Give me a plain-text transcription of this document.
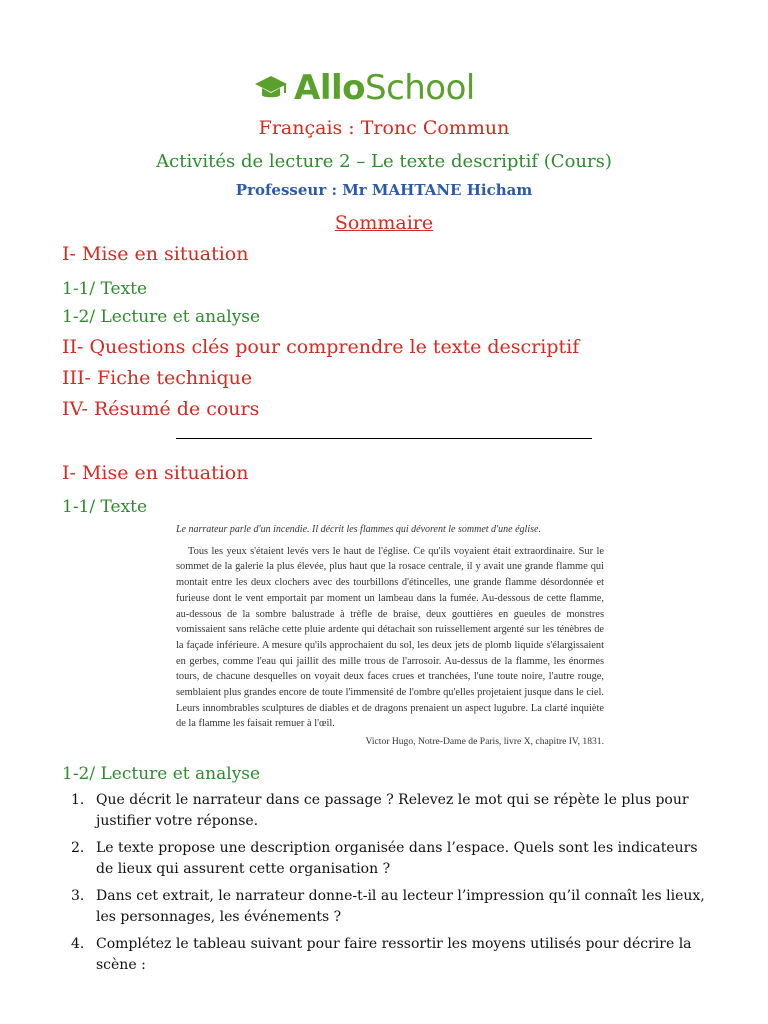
AlloSchool
Français : Tronc Commun
Activités de lecture 2 – Le texte descriptif (Cours)
Professeur : Mr MAHTANE Hicham
Sommaire
I- Mise en situation
1-1/ Texte
1-2/ Lecture et analyse
II- Questions clés pour comprendre le texte descriptif
III- Fiche technique
IV- Résumé de cours
I- Mise en situation
1-1/ Texte
Le narrateur parle d'un incendie. Il décrit les flammes qui dévorent le sommet d'une église.
Tous les yeux s'étaient levés vers le haut de l'église. Ce qu'ils voyaient était extraordinaire. Sur le sommet de la galerie la plus élevée, plus haut que la rosace centrale, il y avait une grande flamme qui montait entre les deux clochers avec des tourbillons d'étincelles, une grande flamme désordonnée et furieuse dont le vent emportait par moment un lambeau dans la fumée. Au-dessous de cette flamme, au-dessous de la sombre balustrade à trèfle de braise, deux gouttières en gueules de monstres vomissaient sans relâche cette pluie ardente qui détachait son ruissellement argenté sur les ténèbres de la façade inférieure. A mesure qu'ils approchaient du sol, les deux jets de plomb liquide s'élargissaient en gerbes, comme l'eau qui jaillit des mille trous de l'arrosoir. Au-dessus de la flamme, les énormes tours, de chacune desquelles on voyait deux faces crues et tranchées, l'une toute noire, l'autre rouge, semblaient plus grandes encore de toute l'immensité de l'ombre qu'elles projetaient jusque dans le ciel. Leurs innombrables sculptures de diables et de dragons prenaient un aspect lugubre. La clarté inquiète de la flamme les faisait remuer à l'œil.
Victor Hugo, Notre-Dame de Paris, livre X, chapitre IV, 1831.
1-2/ Lecture et analyse
1. Que décrit le narrateur dans ce passage ? Relevez le mot qui se répète le plus pour justifier votre réponse.
2. Le texte propose une description organisée dans l’espace. Quels sont les indicateurs de lieux qui assurent cette organisation ?
3. Dans cet extrait, le narrateur donne-t-il au lecteur l’impression qu’il connaît les lieux, les personnages, les événements ?
4. Complétez le tableau suivant pour faire ressortir les moyens utilisés pour décrire la scène :
